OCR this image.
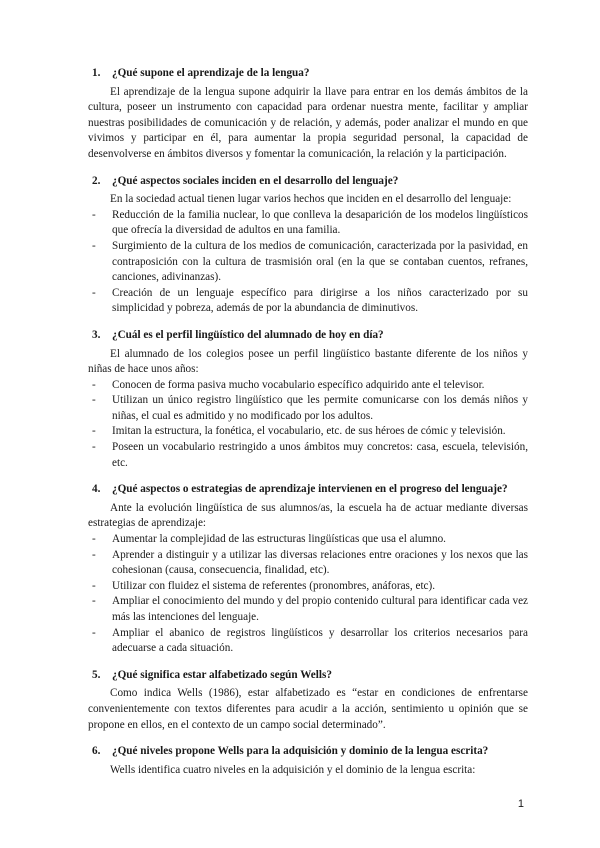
1.	¿Qué supone el aprendizaje de la lengua?

El aprendizaje de la lengua supone adquirir la llave para entrar en los demás ámbitos de la cultura, poseer un instrumento con capacidad para ordenar nuestra mente, facilitar y ampliar nuestras posibilidades de comunicación y de relación, y además, poder analizar el mundo en que vivimos y participar en él, para aumentar la propia seguridad personal, la capacidad de desenvolverse en ámbitos diversos y fomentar la comunicación, la relación y la participación.

2.	¿Qué aspectos sociales inciden en el desarrollo del lenguaje?

En la sociedad actual tienen lugar varios hechos que inciden en el desarrollo del lenguaje:

-	Reducción de la familia nuclear, lo que conlleva la desaparición de los modelos lingüísticos que ofrecía la diversidad de adultos en una familia.
-	Surgimiento de la cultura de los medios de comunicación, caracterizada por la pasividad, en contraposición con la cultura de trasmisión oral (en la que se contaban cuentos, refranes, canciones, adivinanzas).
-	Creación de un lenguaje específico para dirigirse a los niños caracterizado por su simplicidad y pobreza, además de por la abundancia de diminutivos.
3.	¿Cuál es el perfil lingüístico del alumnado de hoy en día?

El alumnado de los colegios posee un perfil lingüístico bastante diferente de los niños y niñas de hace unos años:

-	Conocen de forma pasiva mucho vocabulario específico adquirido ante el televisor.
-	Utilizan un único registro lingüístico que les permite comunicarse con los demás niños y niñas, el cual es admitido y no modificado por los adultos.
-	Imitan la estructura, la fonética, el vocabulario, etc. de sus héroes de cómic y televisión.
-	Poseen un vocabulario restringido a unos ámbitos muy concretos: casa, escuela, televisión, etc.
4.	¿Qué aspectos o estrategias de aprendizaje intervienen en el progreso del lenguaje?

Ante la evolución lingüística de sus alumnos/as, la escuela ha de actuar mediante diversas estrategias de aprendizaje:

-	Aumentar la complejidad de las estructuras lingüísticas que usa el alumno.
-	Aprender a distinguir y a utilizar las diversas relaciones entre oraciones y los nexos que las cohesionan (causa, consecuencia, finalidad, etc).
-	Utilizar con fluidez el sistema de referentes (pronombres, anáforas, etc).
-	Ampliar el conocimiento del mundo y del propio contenido cultural para identificar cada vez más las intenciones del lenguaje.
-	Ampliar el abanico de registros lingüísticos y desarrollar los criterios necesarios para adecuarse a cada situación.
5.	¿Qué significa estar alfabetizado según Wells?

Como indica Wells (1986), estar alfabetizado es “estar en condiciones de enfrentarse convenientemente con textos diferentes para acudir a la acción, sentimiento u opinión que se propone en ellos, en el contexto de un campo social determinado”.

6.	¿Qué niveles propone Wells para la adquisición y dominio de la lengua escrita?

Wells identifica cuatro niveles en la adquisición y el dominio de la lengua escrita:

1
